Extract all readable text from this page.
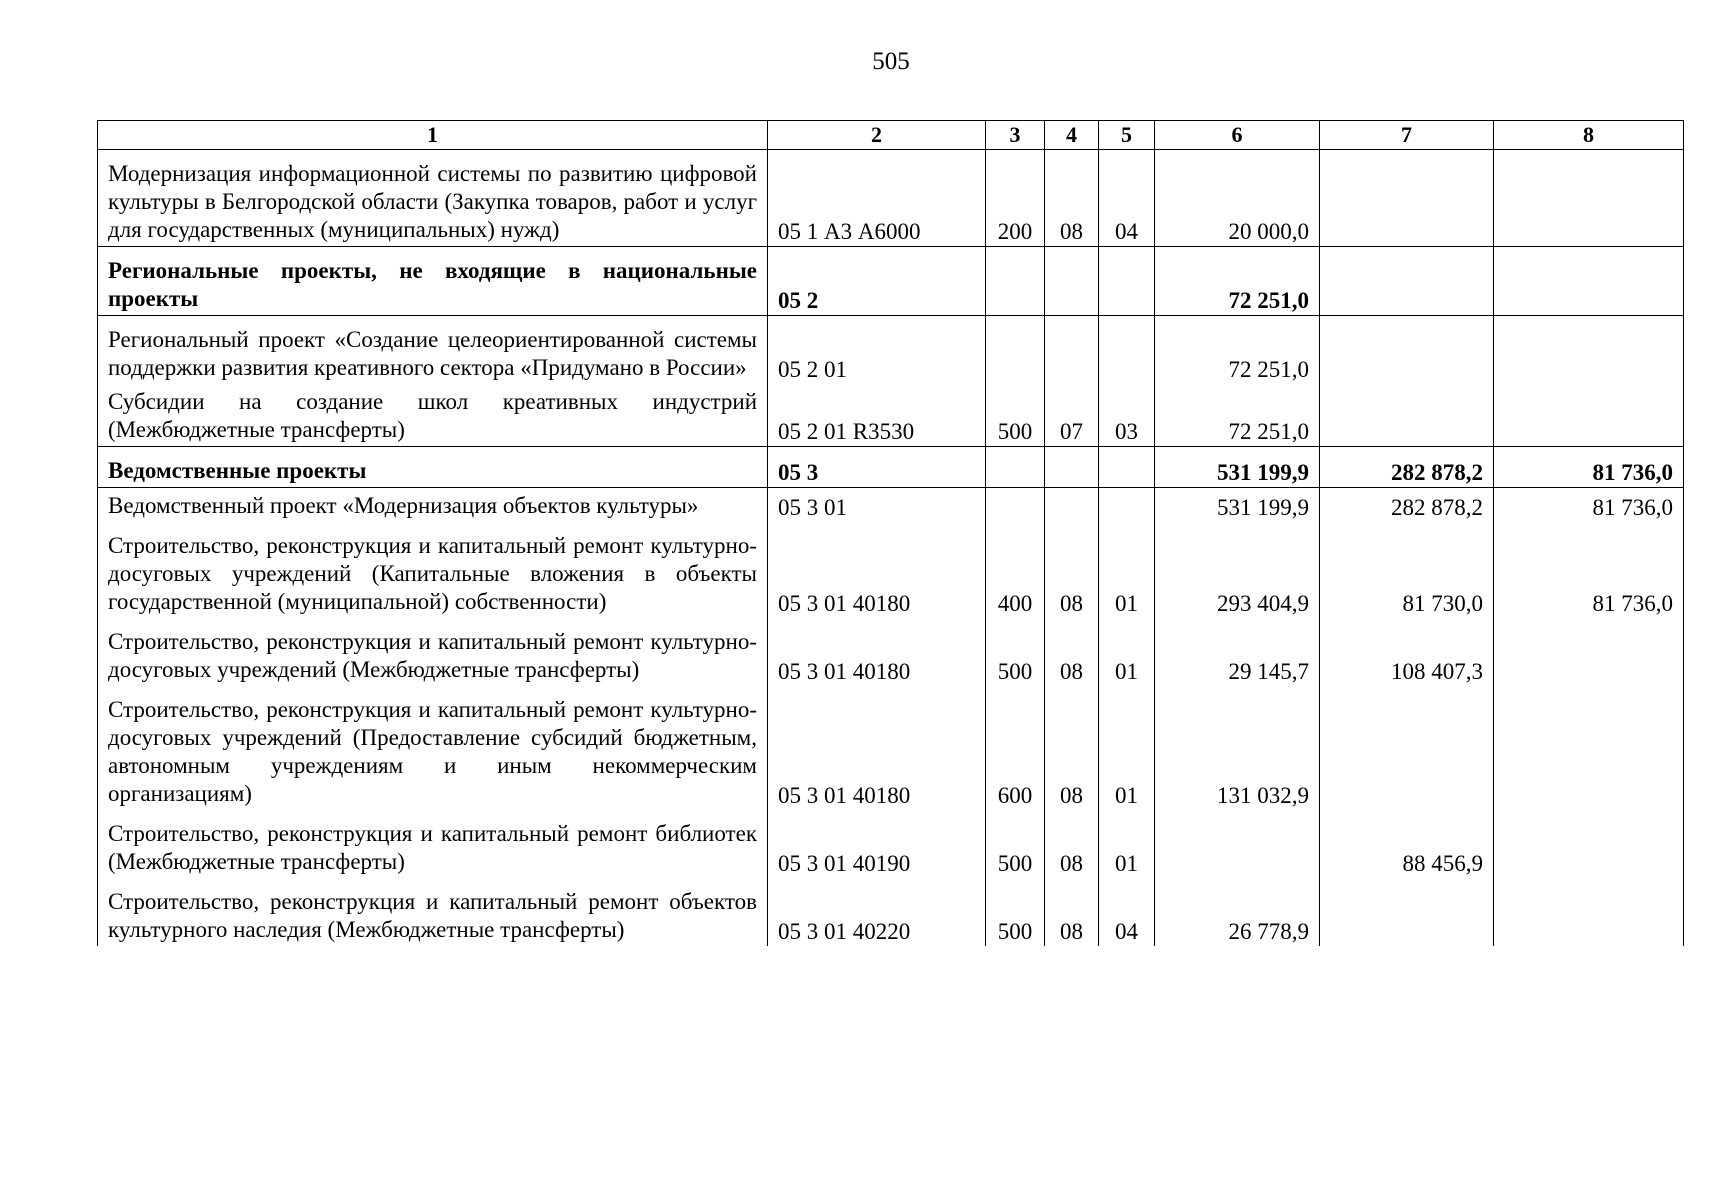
505
1	2	3	4	5	6	7	8
Модернизация информационной системы по развитию цифровой культуры в Белгородской области (Закупка товаров, работ и услуг для государственных (муниципальных) нужд)	05 1 А3 А6000	200	08	04	20 000,0		
Региональные проекты, не входящие в национальные проекты	05 2				72 251,0		
Региональный проект «Создание целеориентированной системы поддержки развития креативного сектора «Придумано в России»	05 2 01				72 251,0		
Субсидии на создание школ креативных индустрий (Межбюджетные трансферты)	05 2 01 R3530	500	07	03	72 251,0		
Ведомственные проекты	05 3				531 199,9	282 878,2	81 736,0
Ведомственный проект «Модернизация объектов культуры»	05 3 01				531 199,9	282 878,2	81 736,0
Строительство, реконструкция и капитальный ремонт культурно-досуговых учреждений (Капитальные вложения в объекты государственной (муниципальной) собственности)	05 3 01 40180	400	08	01	293 404,9	81 730,0	81 736,0
Строительство, реконструкция и капитальный ремонт культурно-досуговых учреждений (Межбюджетные трансферты)	05 3 01 40180	500	08	01	29 145,7	108 407,3	
Строительство, реконструкция и капитальный ремонт культурно-досуговых учреждений (Предоставление субсидий бюджетным, автономным учреждениям и иным некоммерческим организациям)	05 3 01 40180	600	08	01	131 032,9		
Строительство, реконструкция и капитальный ремонт библиотек (Межбюджетные трансферты)	05 3 01 40190	500	08	01		88 456,9	
Строительство, реконструкция и капитальный ремонт объектов культурного наследия (Межбюджетные трансферты)	05 3 01 40220	500	08	04	26 778,9		
